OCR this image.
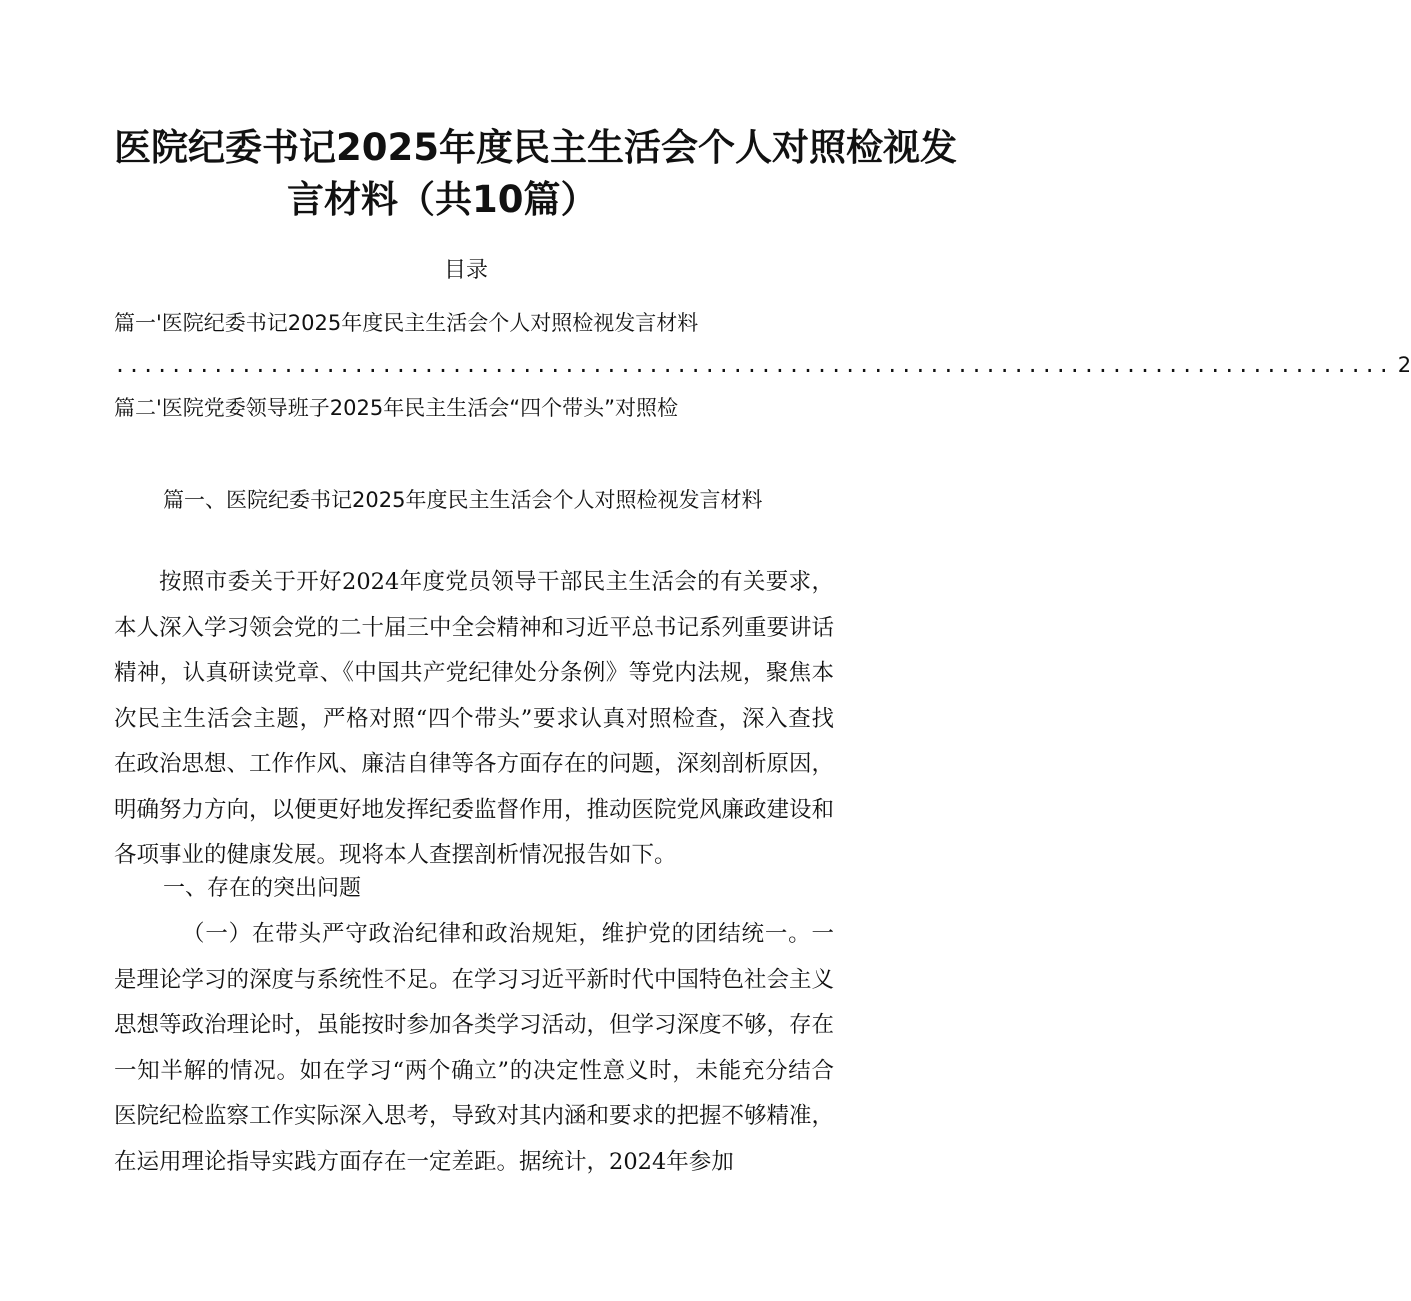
医院纪委书记2025年度民主生活会个人对照检视发
言材料（共10篇）
目录
篇一'医院纪委书记2025年度民主生活会个人对照检视发言材料
........................................................................................... 2
篇二'医院党委领导班子2025年民主生活会“四个带头”对照检
篇一、医院纪委书记2025年度民主生活会个人对照检视发言材料
按照市委关于开好2024年度党员领导干部民主生活会的有关要求，本人深入学习领会党的二十届三中全会精神和习近平总书记系列重要讲话精神，认真研读党章、《中国共产党纪律处分条例》等党内法规，聚焦本次民主生活会主题，严格对照“四个带头”要求认真对照检查，深入查找在政治思想、工作作风、廉洁自律等各方面存在的问题，深刻剖析原因，明确努力方向，以便更好地发挥纪委监督作用，推动医院党风廉政建设和各项事业的健康发展。现将本人查摆剖析情况报告如下。
一、存在的突出问题
（一）在带头严守政治纪律和政治规矩，维护党的团结统一。一是理论学习的深度与系统性不足。在学习习近平新时代中国特色社会主义思想等政治理论时，虽能按时参加各类学习活动，但学习深度不够，存在一知半解的情况。如在学习“两个确立”的决定性意义时，未能充分结合医院纪检监察工作实际深入思考，导致对其内涵和要求的把握不够精准，在运用理论指导实践方面存在一定差距。据统计，2024年参加
